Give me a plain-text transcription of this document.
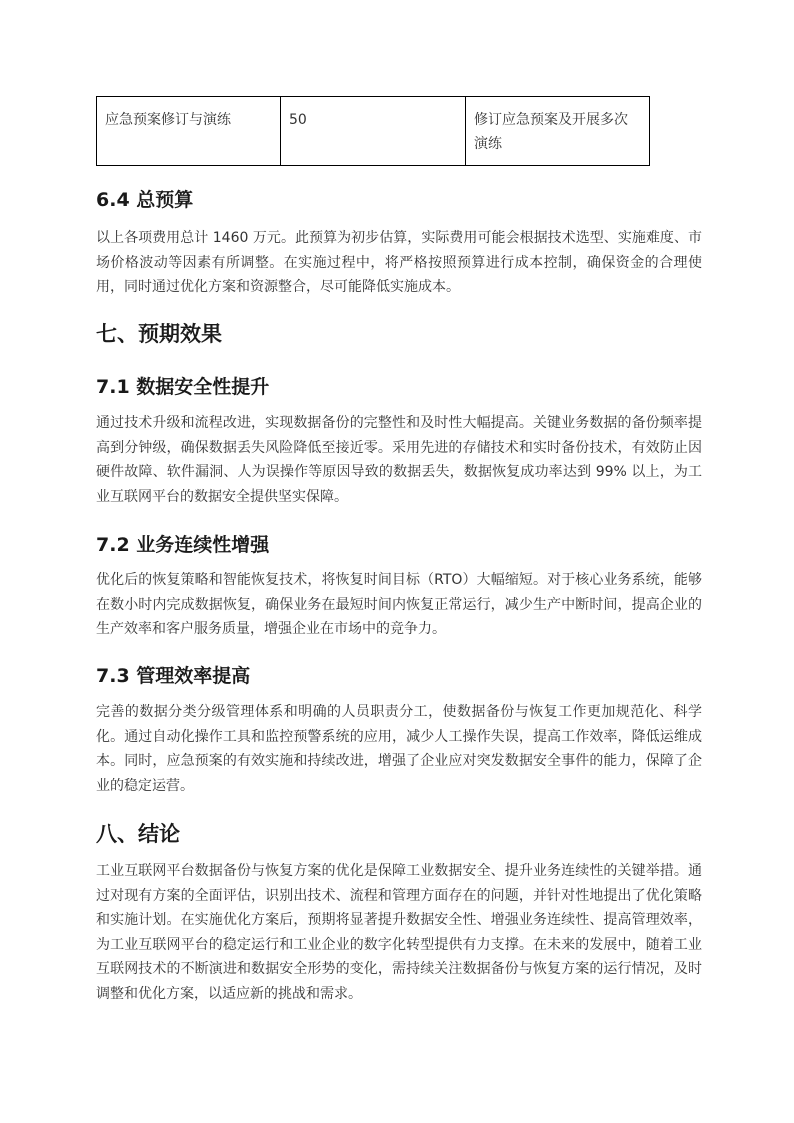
应急预案修订与演练	50	修订应急预案及开展多次演练
6.4 总预算

以上各项费用总计 1460 万元。此预算为初步估算，实际费用可能会根据技术选型、实施难度、市场价格波动等因素有所调整。在实施过程中，将严格按照预算进行成本控制，确保资金的合理使用，同时通过优化方案和资源整合，尽可能降低实施成本。

七、预期效果
7.1 数据安全性提升

通过技术升级和流程改进，实现数据备份的完整性和及时性大幅提高。关键业务数据的备份频率提高到分钟级，确保数据丢失风险降低至接近零。采用先进的存储技术和实时备份技术，有效防止因硬件故障、软件漏洞、人为误操作等原因导致的数据丢失，数据恢复成功率达到 99% 以上，为工业互联网平台的数据安全提供坚实保障。

7.2 业务连续性增强

优化后的恢复策略和智能恢复技术，将恢复时间目标（RTO）大幅缩短。对于核心业务系统，能够在数小时内完成数据恢复，确保业务在最短时间内恢复正常运行，减少生产中断时间，提高企业的生产效率和客户服务质量，增强企业在市场中的竞争力。

7.3 管理效率提高

完善的数据分类分级管理体系和明确的人员职责分工，使数据备份与恢复工作更加规范化、科学化。通过自动化操作工具和监控预警系统的应用，减少人工操作失误，提高工作效率，降低运维成本。同时，应急预案的有效实施和持续改进，增强了企业应对突发数据安全事件的能力，保障了企业的稳定运营。

八、结论

工业互联网平台数据备份与恢复方案的优化是保障工业数据安全、提升业务连续性的关键举措。通过对现有方案的全面评估，识别出技术、流程和管理方面存在的问题，并针对性地提出了优化策略和实施计划。在实施优化方案后，预期将显著提升数据安全性、增强业务连续性、提高管理效率，为工业互联网平台的稳定运行和工业企业的数字化转型提供有力支撑。在未来的发展中，随着工业互联网技术的不断演进和数据安全形势的变化，需持续关注数据备份与恢复方案的运行情况，及时调整和优化方案，以适应新的挑战和需求。
